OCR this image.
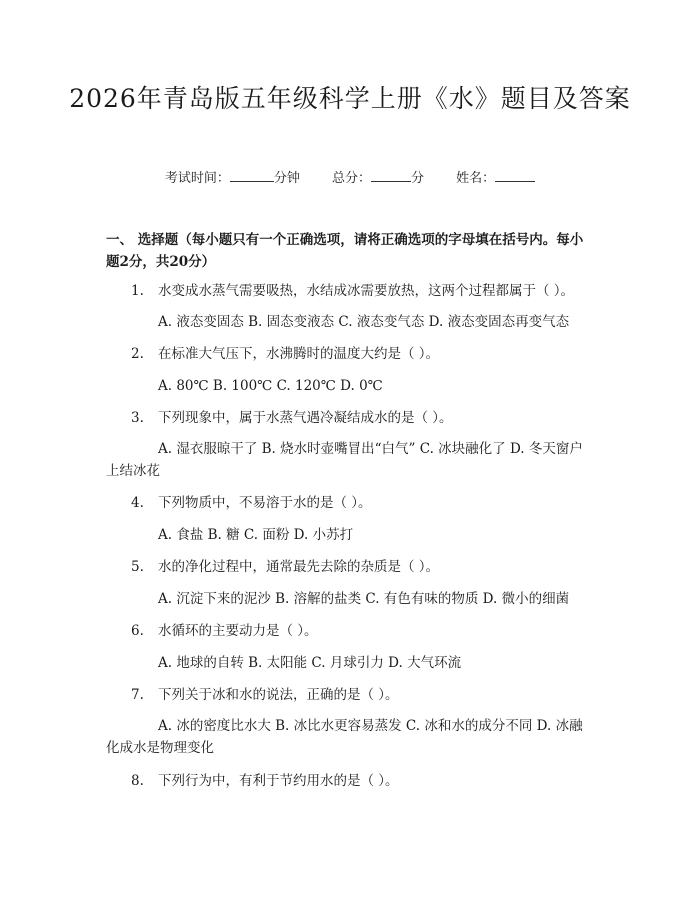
2026年青岛版五年级科学上册《水》题目及答案
考试时间：	分钟 总分：	分 姓名：
一、 选择题（每小题只有一个正确选项，请将正确选项的字母填在括号内。每小题2分，共20分）
1. 水变成水蒸气需要吸热，水结成冰需要放热，这两个过程都属于（ ）。
A. 液态变固态 B. 固态变液态 C. 液态变气态 D. 液态变固态再变气态
2. 在标准大气压下，水沸腾时的温度大约是（ ）。
A. 80℃ B. 100℃ C. 120℃ D. 0℃
3. 下列现象中，属于水蒸气遇冷凝结成水的是（ ）。
A. 湿衣服晾干了 B. 烧水时壶嘴冒出“白气” C. 冰块融化了 D. 冬天窗户上结冰花
4. 下列物质中，不易溶于水的是（ ）。
A. 食盐 B. 糖 C. 面粉 D. 小苏打
5. 水的净化过程中，通常最先去除的杂质是（ ）。
A. 沉淀下来的泥沙 B. 溶解的盐类 C. 有色有味的物质 D. 微小的细菌
6. 水循环的主要动力是（ ）。
A. 地球的自转 B. 太阳能 C. 月球引力 D. 大气环流
7. 下列关于冰和水的说法，正确的是（ ）。
A. 冰的密度比水大 B. 冰比水更容易蒸发 C. 冰和水的成分不同 D. 冰融化成水是物理变化
8. 下列行为中，有利于节约用水的是（ ）。
